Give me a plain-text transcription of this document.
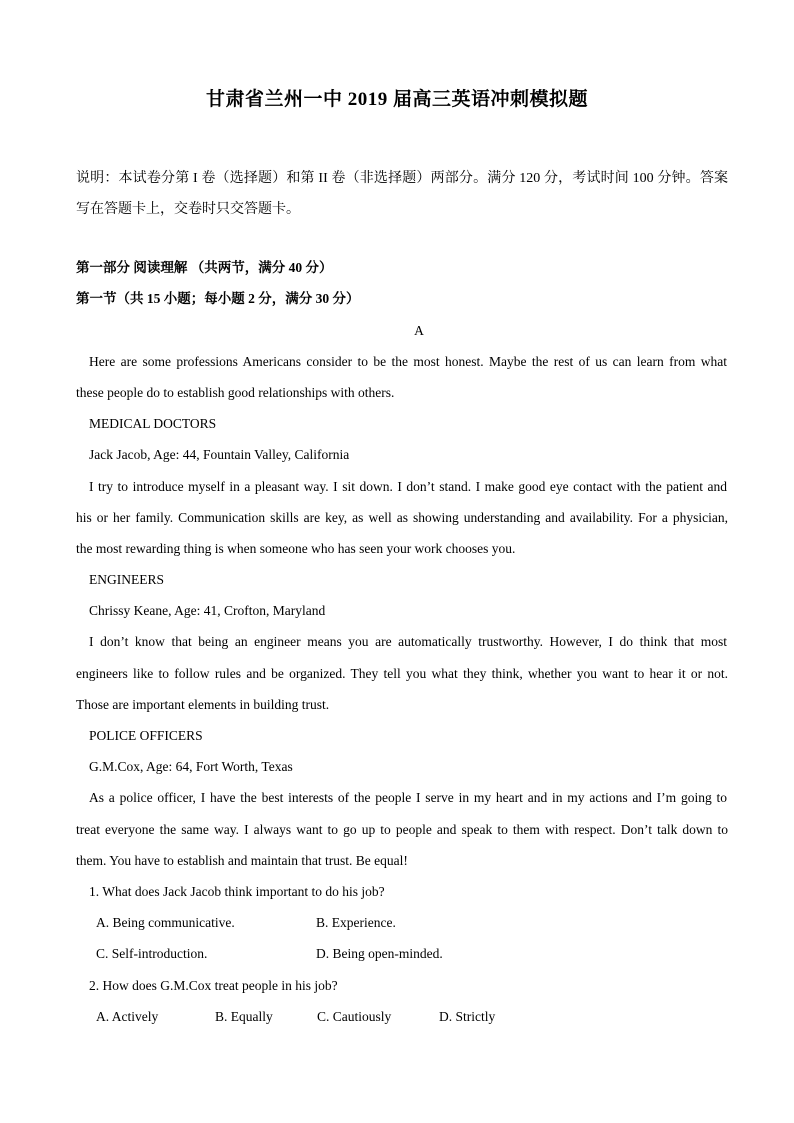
甘肃省兰州一中 2019 届高三英语冲刺模拟题
说明：本试卷分第 I 卷（选择题）和第 II 卷（非选择题）两部分。满分 120 分，考试时间 100 分钟。答案写在答题卡上，交卷时只交答题卡。
第一部分 阅读理解 （共两节，满分 40 分）
第一节（共 15 小题；每小题 2 分，满分 30 分）
A
Here are some professions Americans consider to be the most honest. Maybe the rest of us can learn from what
these people do to establish good relationships with others.
MEDICAL DOCTORS
Jack Jacob, Age: 44, Fountain Valley, California
I try to introduce myself in a pleasant way. I sit down. I don’t stand. I make good eye contact with the patient and
his or her family. Communication skills are key, as well as showing understanding and availability. For a physician,
the most rewarding thing is when someone who has seen your work chooses you.
ENGINEERS
Chrissy Keane, Age: 41, Crofton, Maryland
I don’t know that being an engineer means you are automatically trustworthy. However, I do think that most
engineers like to follow rules and be organized. They tell you what they think, whether you want to hear it or not.
Those are important elements in building trust.
POLICE OFFICERS
G.M.Cox, Age: 64, Fort Worth, Texas
As a police officer, I have the best interests of the people I serve in my heart and in my actions and I’m going to
treat everyone the same way. I always want to go up to people and speak to them with respect. Don’t talk down to
them. You have to establish and maintain that trust. Be equal!
1. What does Jack Jacob think important to do his job?
A. Being communicative.	B. Experience.
C. Self-introduction.	D. Being open-minded.
2. How does G.M.Cox treat people in his job?
A. Actively	B. Equally	C. Cautiously	D. Strictly
